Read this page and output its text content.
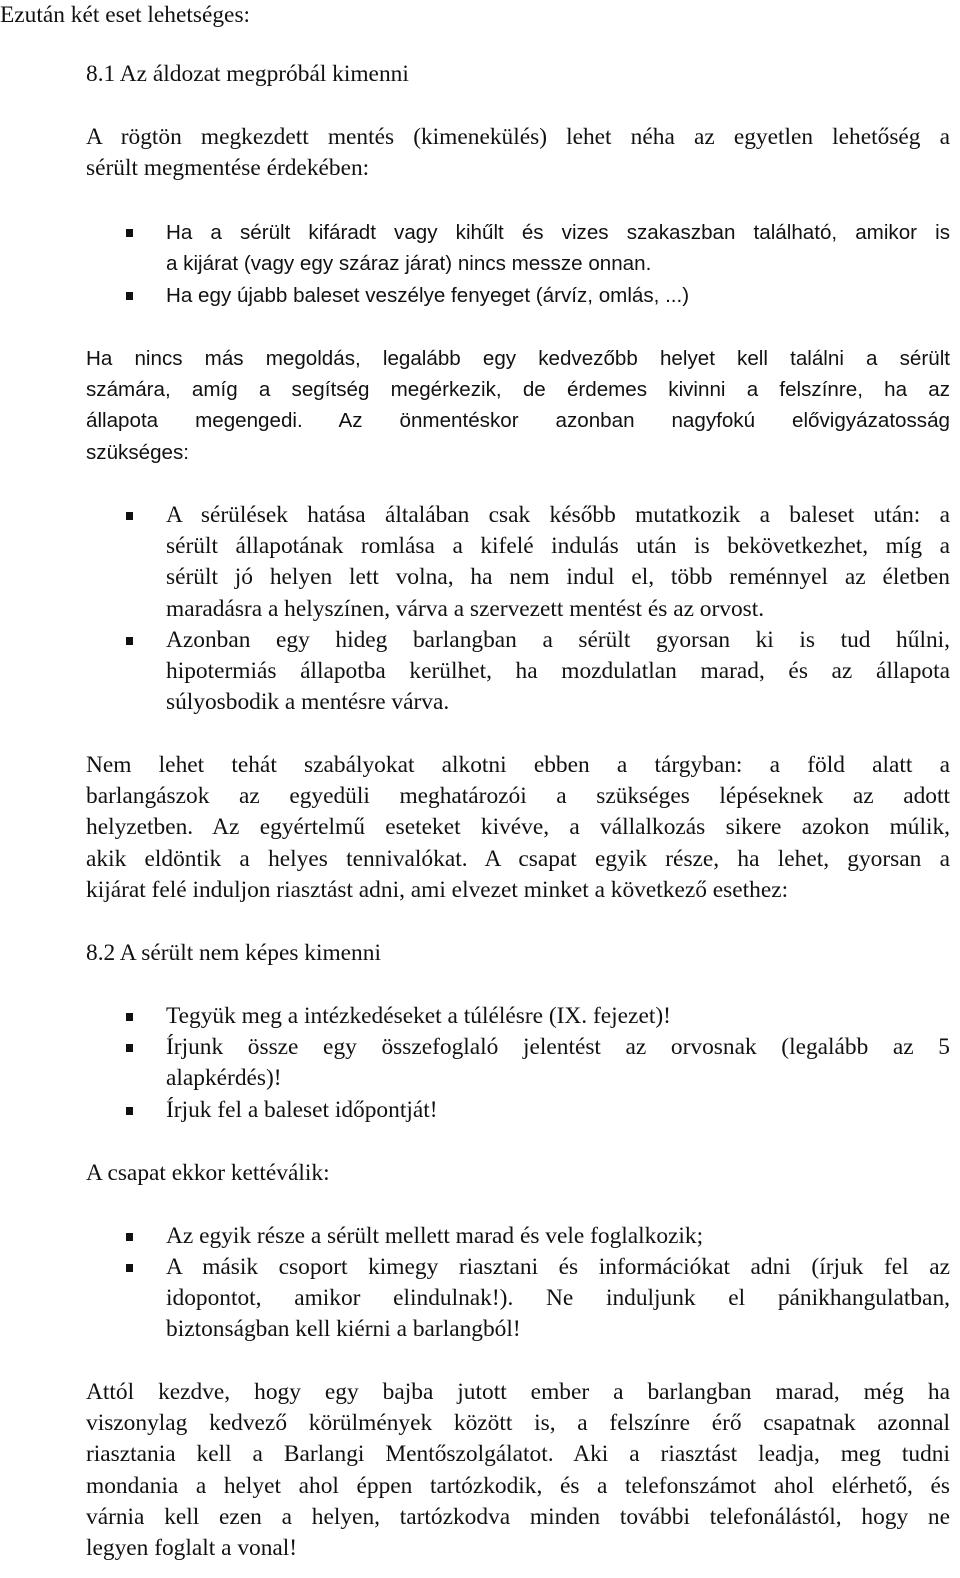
Ezután két eset lehetséges:
8.1 Az áldozat megpróbál kimenni
A rögtön megkezdett mentés (kimenekülés) lehet néha az egyetlen lehetőség a
sérült megmentése érdekében:
Ha a sérült kifáradt vagy kihűlt és vizes szakaszban található, amikor is
a kijárat (vagy egy száraz járat) nincs messze onnan.
Ha egy újabb baleset veszélye fenyeget (árvíz, omlás, ...)
Ha nincs más megoldás, legalább egy kedvezőbb helyet kell találni a sérült
számára, amíg a segítség megérkezik, de érdemes kivinni a felszínre, ha az
állapota megengedi. Az önmentéskor azonban nagyfokú elővigyázatosság
szükséges:
A sérülések hatása általában csak később mutatkozik a baleset után: a
sérült állapotának romlása a kifelé indulás után is bekövetkezhet, míg a
sérült jó helyen lett volna, ha nem indul el, több reménnyel az életben
maradásra a helyszínen, várva a szervezett mentést és az orvost.
Azonban egy hideg barlangban a sérült gyorsan ki is tud hűlni,
hipotermiás állapotba kerülhet, ha mozdulatlan marad, és az állapota
súlyosbodik a mentésre várva.
Nem lehet tehát szabályokat alkotni ebben a tárgyban: a föld alatt a
barlangászok az egyedüli meghatározói a szükséges lépéseknek az adott
helyzetben. Az egyértelmű eseteket kivéve, a vállalkozás sikere azokon múlik,
akik eldöntik a helyes tennivalókat. A csapat egyik része, ha lehet, gyorsan a
kijárat felé induljon riasztást adni, ami elvezet minket a következő esethez:
8.2 A sérült nem képes kimenni
Tegyük meg a intézkedéseket a túlélésre (IX. fejezet)!
Írjunk össze egy összefoglaló jelentést az orvosnak (legalább az 5
alapkérdés)!
Írjuk fel a baleset időpontját!
A csapat ekkor kettéválik:
Az egyik része a sérült mellett marad és vele foglalkozik;
A másik csoport kimegy riasztani és információkat adni (írjuk fel az
idopontot, amikor elindulnak!). Ne induljunk el pánikhangulatban,
biztonságban kell kiérni a barlangból!
Attól kezdve, hogy egy bajba jutott ember a barlangban marad, még ha
viszonylag kedvező körülmények között is, a felszínre érő csapatnak azonnal
riasztania kell a Barlangi Mentőszolgálatot. Aki a riasztást leadja, meg tudni
mondania a helyet ahol éppen tartózkodik, és a telefonszámot ahol elérhető, és
várnia kell ezen a helyen, tartózkodva minden további telefonálástól, hogy ne
legyen foglalt a vonal!
